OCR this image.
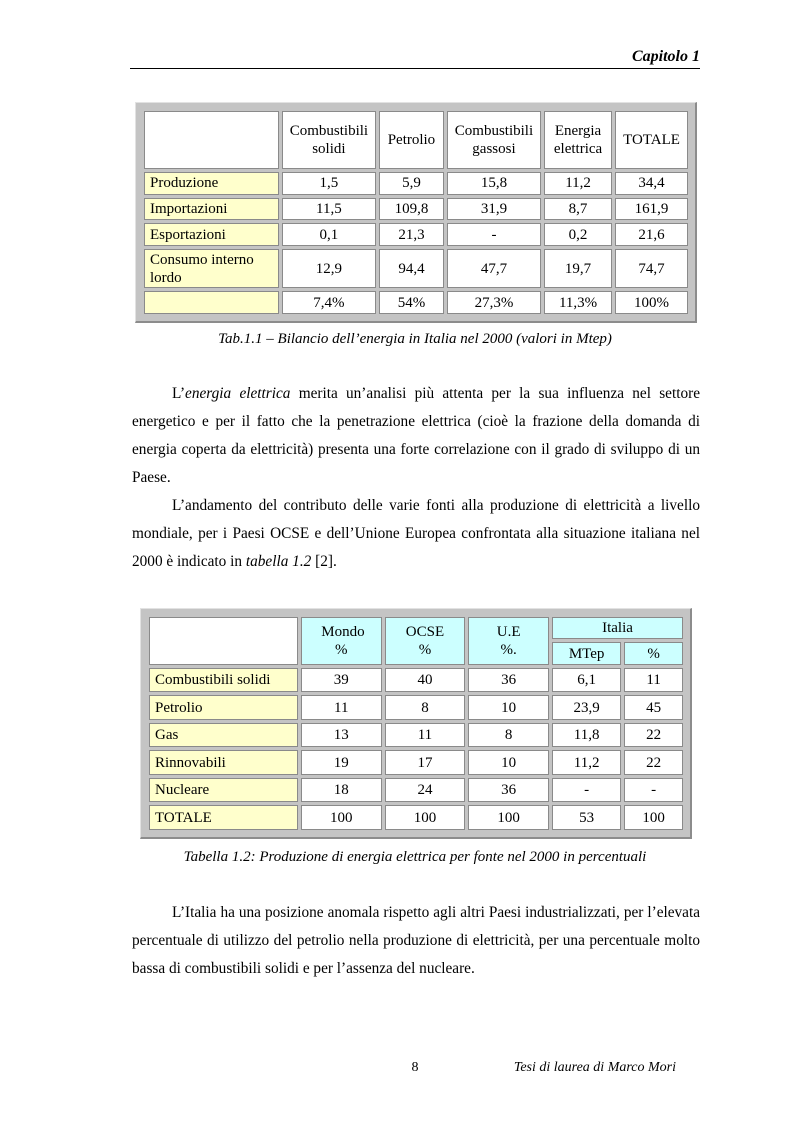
Capitolo 1
	Combustibili solidi	Petrolio	Combustibili gassosi	Energia elettrica	TOTALE
Produzione	1,5	5,9	15,8	11,2	34,4
Importazioni	11,5	109,8	31,9	8,7	161,9
Esportazioni	0,1	21,3	-	0,2	21,6
Consumo interno lordo	12,9	94,4	47,7	19,7	74,7
	7,4%	54%	27,3%	11,3%	100%
Tab.1.1 – Bilancio dell’energia in Italia nel 2000 (valori in Mtep)
L’energia elettrica merita un’analisi più attenta per la sua influenza nel settore energetico e per il fatto che la penetrazione elettrica (cioè la frazione della domanda di energia coperta da elettricità) presenta una forte correlazione con il grado di sviluppo di un Paese.
L’andamento del contributo delle varie fonti alla produzione di elettricità a livello mondiale, per i Paesi OCSE e dell’Unione Europea confrontata alla situazione italiana nel 2000 è indicato in tabella 1.2 [2].
	Mondo %	OCSE %	U.E %.	Italia	
				MTep	%
Combustibili solidi	39	40	36	6,1	11
Petrolio	11	8	10	23,9	45
Gas	13	11	8	11,8	22
Rinnovabili	19	17	10	11,2	22
Nucleare	18	24	36	-	-
TOTALE	100	100	100	53	100
Tabella 1.2: Produzione di energia elettrica per fonte nel 2000 in percentuali
L’Italia ha una posizione anomala rispetto agli altri Paesi industrializzati, per l’elevata percentuale di utilizzo del petrolio nella produzione di elettricità, per una percentuale molto bassa di combustibili solidi e per l’assenza del nucleare.
8	Tesi di laurea di Marco Mori
